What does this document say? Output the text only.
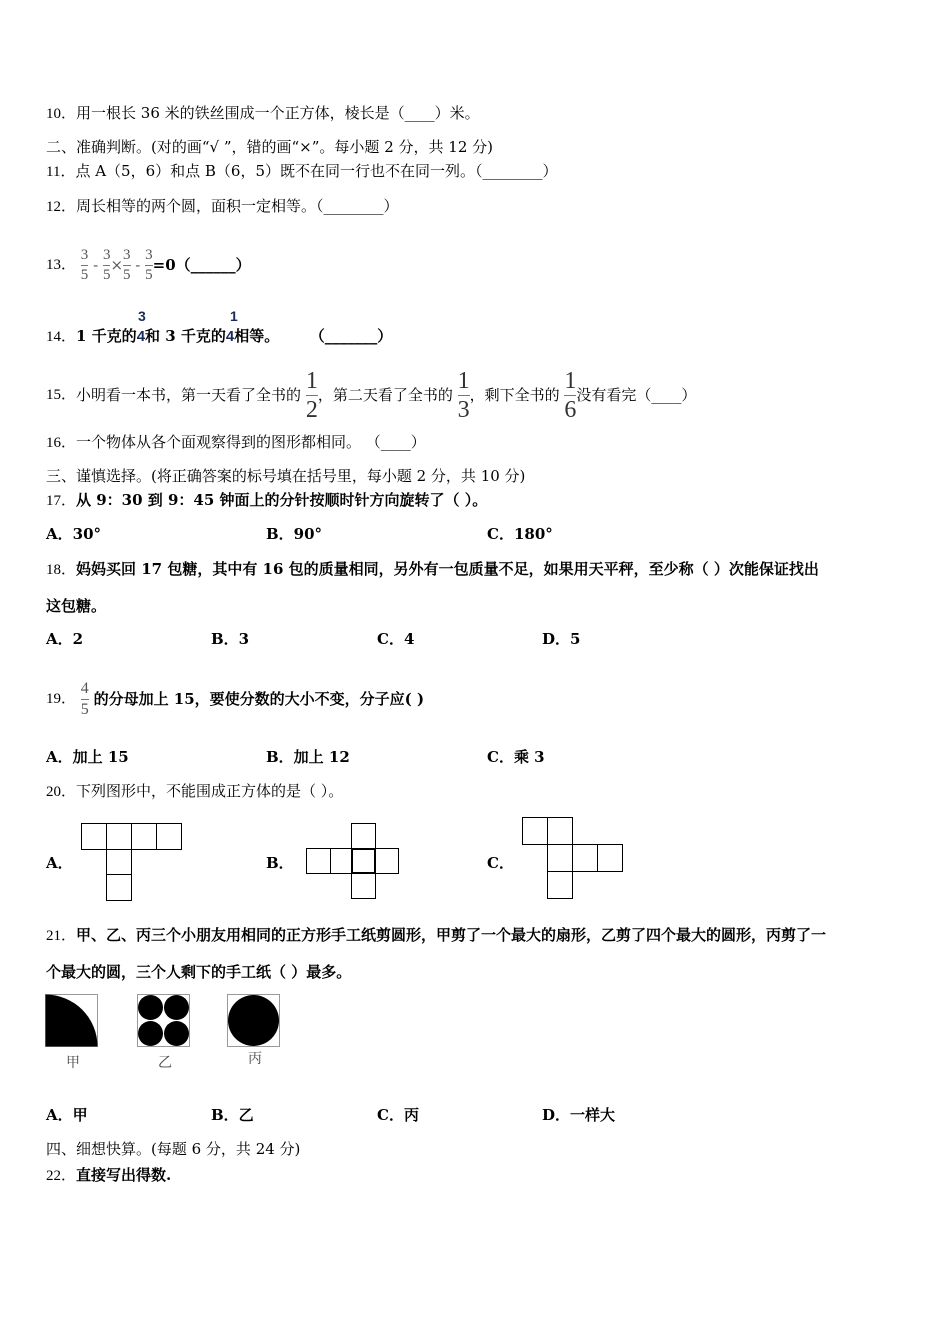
10．用一根长 36 米的铁丝围成一个正方体，棱长是（____）米。
二、准确判断。(对的画“√ ”，错的画“×”。每小题 2 分，共 12 分)
11．点 A（5，6）和点 B（6，5）既不在同一行也不在同一列。（________）
12．周长相等的两个圆，面积一定相等。（________）
13． $\frac{3}{5} - \frac{3}{5} \times \frac{3}{5} - \frac{3}{5}$ =0（______）
3	1
14．1 千克的4和 3 千克的4相等。	（_______）
15．小明看一本书，第一天看了全书的 $\frac{1}{2}$ ，第二天看了全书的 $\frac{1}{3}$ ，剩下全书的 $\frac{1}{6}$ 没有看完（____）
16．一个物体从各个面观察得到的图形都相同。 （____）
三、谨慎选择。(将正确答案的标号填在括号里，每小题 2 分，共 10 分)
17．从 9：30 到 9：45 钟面上的分针按顺时针方向旋转了（ ）。
A．30°	B．90°	C．180°
18．妈妈买回 17 包糖，其中有 16 包的质量相同，另外有一包质量不足，如果用天平秤，至少称（ ）次能保证找出
这包糖。
A．2	B．3	C．4	D．5
19． $\frac{4}{5}$ 的分母加上 15，要使分数的大小不变，分子应( )
A．加上 15	B．加上 12	C．乘 3
20．下列图形中，不能围成正方体的是（ ）。
A．	B．	C．
21．甲、乙、丙三个小朋友用相同的正方形手工纸剪圆形，甲剪了一个最大的扇形，乙剪了四个最大的圆形，丙剪了一
个最大的圆，三个人剩下的手工纸（ ）最多。
甲	乙	丙
A．甲	B．乙	C．丙	D．一样大
四、细想快算。(每题 6 分，共 24 分)
22．直接写出得数.
